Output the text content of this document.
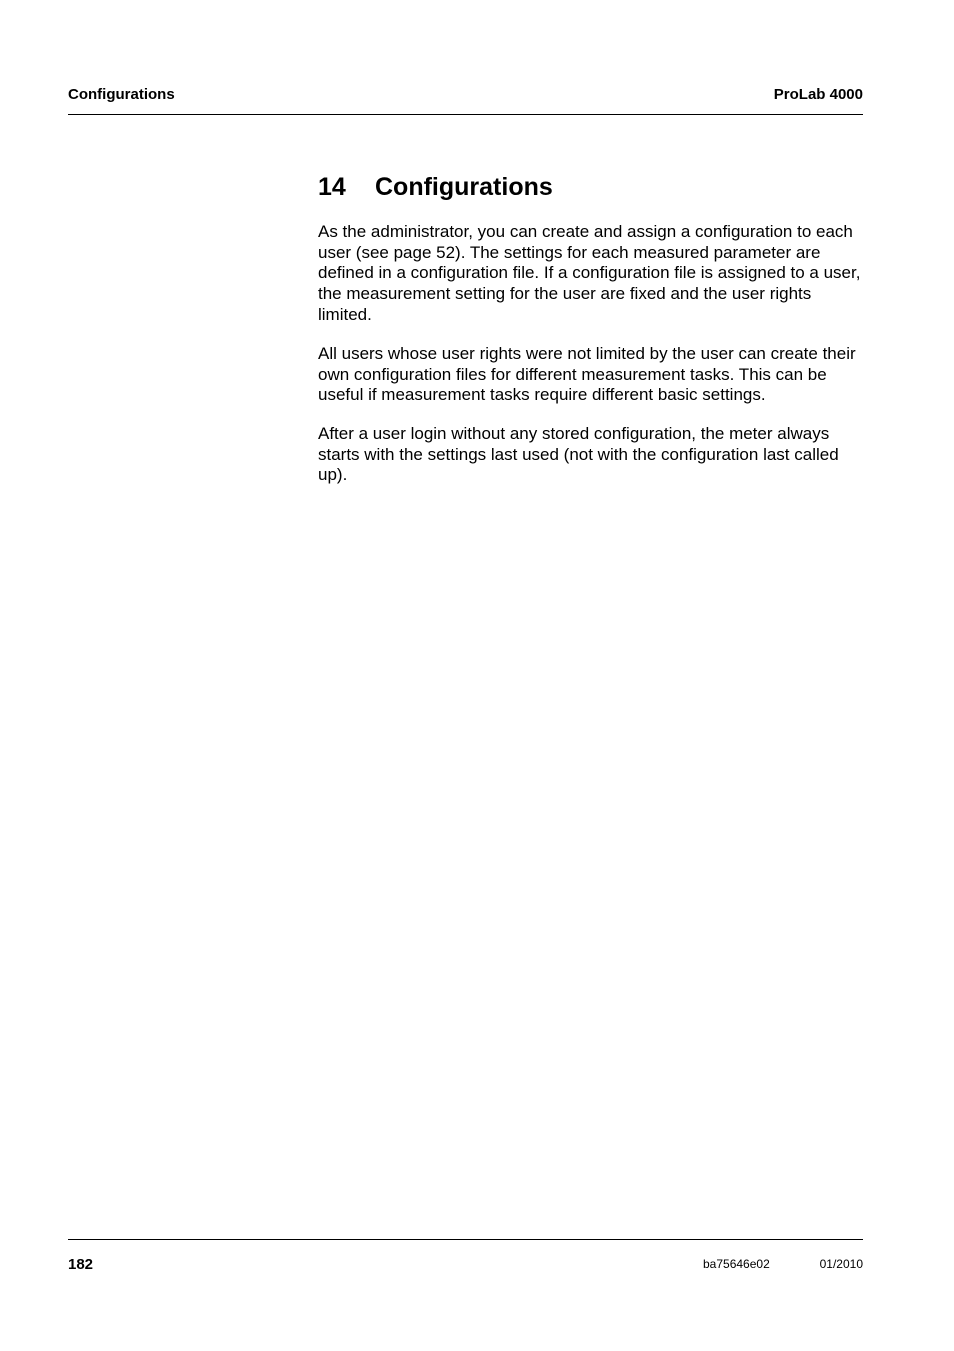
Configurations	ProLab 4000
14 Configurations

As the administrator, you can create and assign a configuration to each user (see page 52). The settings for each measured parameter are defined in a configuration file. If a configuration file is assigned to a user, the measurement setting for the user are fixed and the user rights limited.

All users whose user rights were not limited by the user can create their own configuration files for different measurement tasks. This can be useful if measurement tasks require different basic settings.

After a user login without any stored configuration, the meter always starts with the settings last used (not with the configuration last called up).

182	ba75646e02	01/2010
